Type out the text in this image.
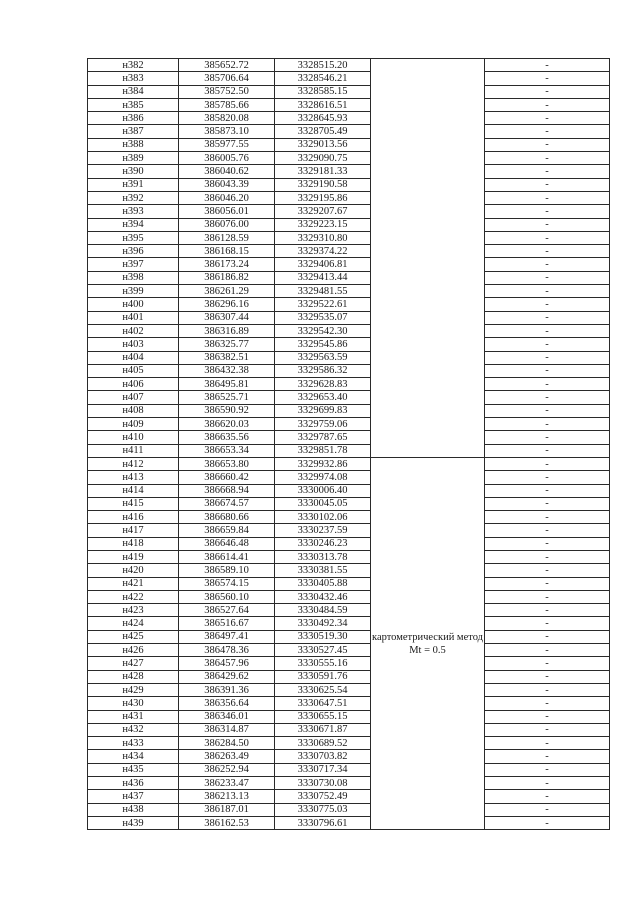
н382	385652.72	3328515.20		-
н383	385706.64	3328546.21		-
н384	385752.50	3328585.15		-
н385	385785.66	3328616.51		-
н386	385820.08	3328645.93		-
н387	385873.10	3328705.49		-
н388	385977.55	3329013.56		-
н389	386005.76	3329090.75		-
н390	386040.62	3329181.33		-
н391	386043.39	3329190.58		-
н392	386046.20	3329195.86		-
н393	386056.01	3329207.67		-
н394	386076.00	3329223.15		-
н395	386128.59	3329310.80		-
н396	386168.15	3329374.22		-
н397	386173.24	3329406.81		-
н398	386186.82	3329413.44		-
н399	386261.29	3329481.55		-
н400	386296.16	3329522.61		-
н401	386307.44	3329535.07		-
н402	386316.89	3329542.30		-
н403	386325.77	3329545.86		-
н404	386382.51	3329563.59		-
н405	386432.38	3329586.32		-
н406	386495.81	3329628.83		-
н407	386525.71	3329653.40		-
н408	386590.92	3329699.83		-
н409	386620.03	3329759.06		-
н410	386635.56	3329787.65		-
н411	386653.34	3329851.78		-
н412	386653.80	3329932.86	картометрический метод Mt = 0.5	-
н413	386660.42	3329974.08		-
н414	386668.94	3330006.40		-
н415	386674.57	3330045.05		-
н416	386680.66	3330102.06		-
н417	386659.84	3330237.59		-
н418	386646.48	3330246.23		-
н419	386614.41	3330313.78		-
н420	386589.10	3330381.55		-
н421	386574.15	3330405.88		-
н422	386560.10	3330432.46		-
н423	386527.64	3330484.59		-
н424	386516.67	3330492.34		-
н425	386497.41	3330519.30		-
н426	386478.36	3330527.45		-
н427	386457.96	3330555.16		-
н428	386429.62	3330591.76		-
н429	386391.36	3330625.54		-
н430	386356.64	3330647.51		-
н431	386346.01	3330655.15		-
н432	386314.87	3330671.87		-
н433	386284.50	3330689.52		-
н434	386263.49	3330703.82		-
н435	386252.94	3330717.34		-
н436	386233.47	3330730.08		-
н437	386213.13	3330752.49		-
н438	386187.01	3330775.03		-
н439	386162.53	3330796.61		-
